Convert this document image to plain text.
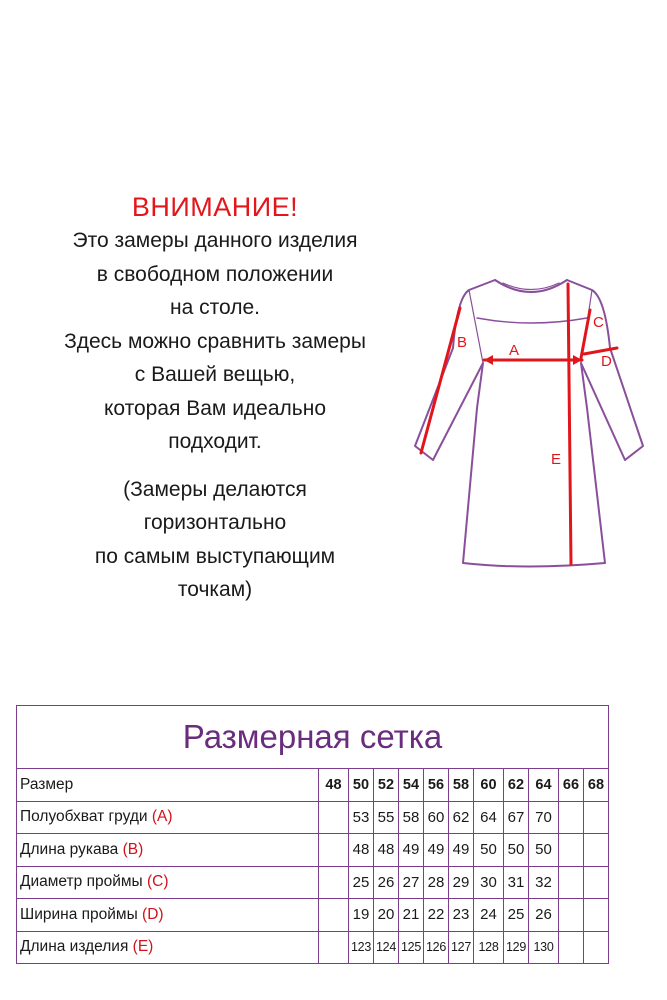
ВНИМАНИЕ!
Это замеры данного изделия
в свободном положении
на столе.
Здесь можно сравнить замеры
с Вашей вещью,
которая Вам идеально
подходит.
(Замеры делаются
горизонтально
по самым выступающим
точкам)
A
B
C
D
E
Размерная сетка											
Размер	48	50	52	54	56	58	60	62	64	66	68
Полуобхват груди (A)		53	55	58	60	62	64	67	70		
Длина рукава (B)		48	48	49	49	49	50	50	50		
Диаметр проймы (C)		25	26	27	28	29	30	31	32		
Ширина проймы (D)		19	20	21	22	23	24	25	26		
Длина изделия (E)		123	124	125	126	127	128	129	130		
